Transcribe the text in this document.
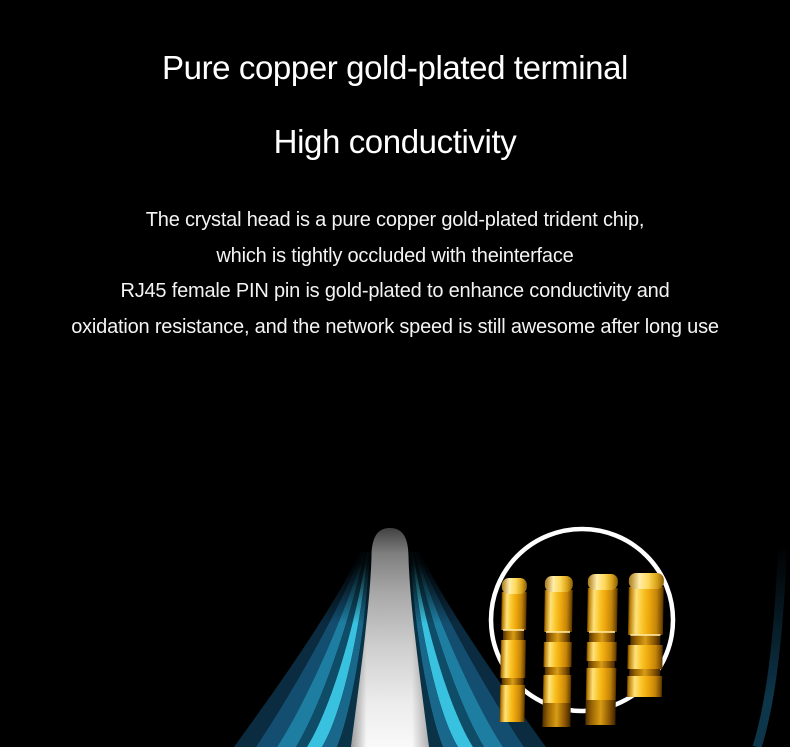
Pure copper gold-plated terminal
High conductivity
The crystal head is a pure copper gold-plated trident chip,
which is tightly occluded with theinterface
RJ45 female PIN pin is gold-plated to enhance conductivity and
oxidation resistance, and the network speed is still awesome after long use
